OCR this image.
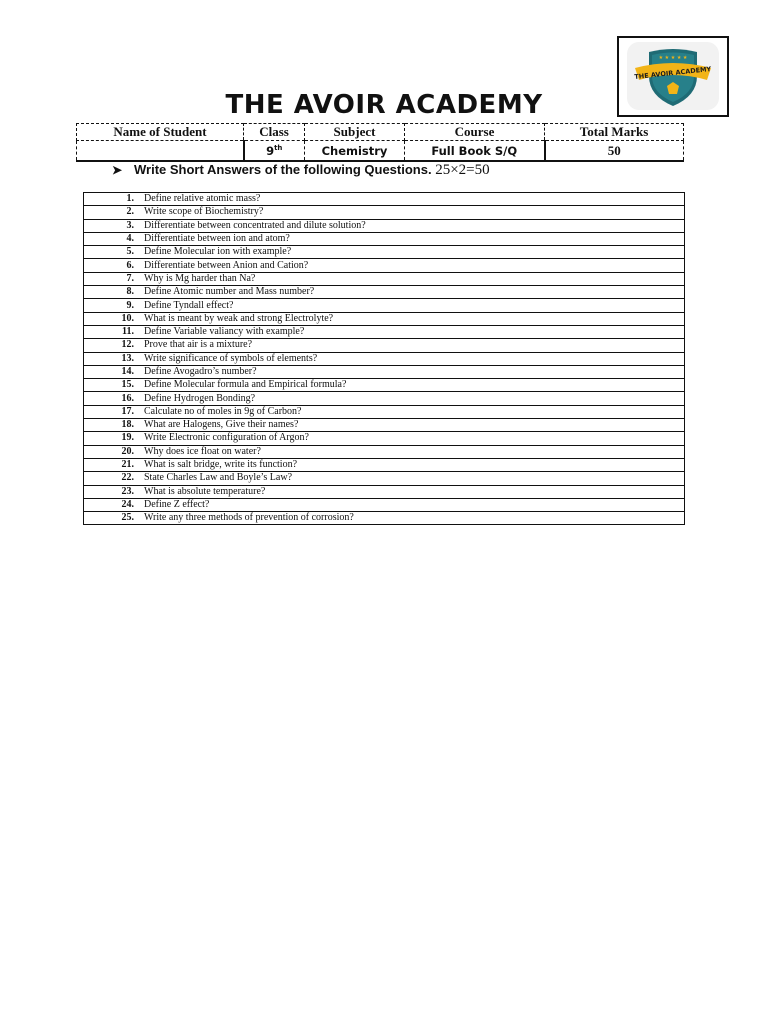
THE AVOIR ACADEMY
★ ★ ★ ★ ★
THE AVOIR ACADEMY
Name of Student	Class	Subject	Course	Total Marks
	9th	Chemistry	Full Book S/Q	50
➤ Write Short Answers of the following Questions. 25×2=50
1.	Define relative atomic mass?
2.	Write scope of Biochemistry?
3.	Differentiate between concentrated and dilute solution?
4.	Differentiate between ion and atom?
5.	Define Molecular ion with example?
6.	Differentiate between Anion and Cation?
7.	Why is Mg harder than Na?
8.	Define Atomic number and Mass number?
9.	Define Tyndall effect?
10.	What is meant by weak and strong Electrolyte?
11.	Define Variable valiancy with example?
12.	Prove that air is a mixture?
13.	Write significance of symbols of elements?
14.	Define Avogadro’s number?
15.	Define Molecular formula and Empirical formula?
16.	Define Hydrogen Bonding?
17.	Calculate no of moles in 9g of Carbon?
18.	What are Halogens, Give their names?
19.	Write Electronic configuration of Argon?
20.	Why does ice float on water?
21.	What is salt bridge, write its function?
22.	State Charles Law and Boyle’s Law?
23.	What is absolute temperature?
24.	Define Z effect?
25.	Write any three methods of prevention of corrosion?
